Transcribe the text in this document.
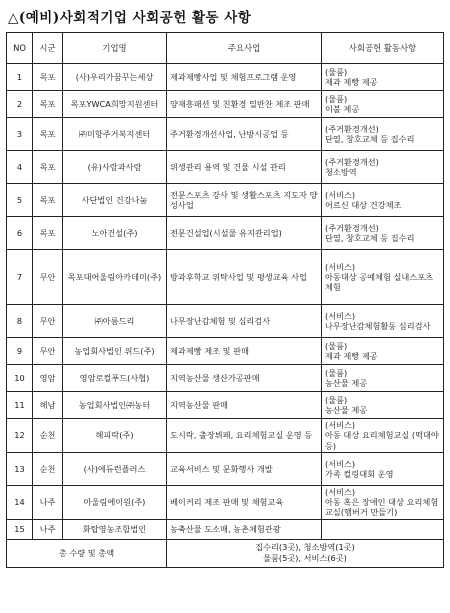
△(예비)사회적기업 사회공헌 활동 사항
NO	시군	기업명	주요사업	사회공헌 활동사항
1	목포	(사)우리가꿈꾸는세상	제과제빵사업 및 체험프로그램 운영	(물품)
제과 제빵 제공

2	목포	목포YWCA희망지원센터	양재흥패션 및 친환경 밀반찬 제조 판매	(물품)
이불 제공

3	목포	㈜미항주거복지센터	주거환경개선사업, 난방시공업 등	(주거환경개선)
단열, 창호교체 등 집수리

4	목포	(유)사람과사람	위생관리 용역 및 건물 시설 관리	(주거환경개선)
청소방역

5	목포	사단법인 건강나눔	전문스포츠 강사 및 생활스포츠 지도자 양성사업	(서비스)
어르신 대상 건강체조

6	목포	노아건설(주)	전문건설업(시설물 유지관리업)	(주거환경개선)
단열, 창호교체 등 집수리

7	무안	목포대어울림아카데미(주)	방과후학교 위탁사업 및 평생교육 사업	(서비스)
아동대상 공예체험 실내스포츠체험

8	무안	㈜아름드리	나무장난감체험 및 심리검사	(서비스)
나무장난감체험활동 심리검사

9	무안	농업회사법인 위드(주)	제과제빵 제조 및 판매	(물품)
제과 제빵 제공

10	영암	영암로컬푸드(사협)	지역농산물 생산가공판매	(물품)
농산물 제공

11	해남	농업회사법인㈜농터	지역농산물 판매	(물품)
농산물 제공

12	순천	해피락(주)	도시락, 출장뷔페, 요리체험교실 운영 등	(서비스)
아동 대상 요리체험교실 (떡대야 등)

13	순천	(사)에듀런플러스	교육서비스 및 문화행사 개발	(서비스)
가족 컬링대회 운영

14	나주	아울림에이원(주)	베이커리 제조 판매 및 체험교육	(서비스)
아동 혹은 장애인 대상 요리체험 교실(햄버거 만들기)

15	나주	화탑영농조합법인	농축산물 도소매, 농촌체험관광	

총 수량 및 총액			집수리(3곳), 청소방역(1곳)
물품(5곳), 서비스(6곳)	
